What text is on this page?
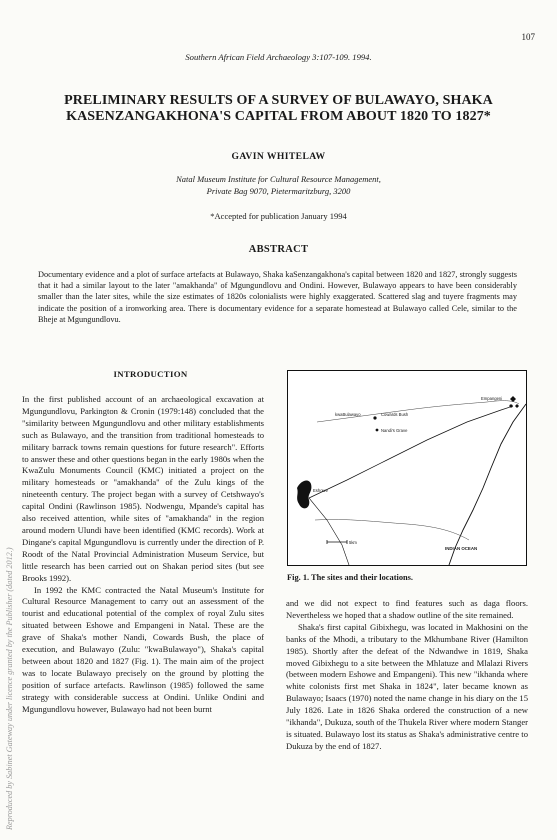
107
Southern African Field Archaeology 3:107-109. 1994.
PRELIMINARY RESULTS OF A SURVEY OF BULAWAYO, SHAKA
KASENZANGAKHONA'S CAPITAL FROM ABOUT 1820 TO 1827*
GAVIN WHITELAW
Natal Museum Institute for Cultural Resource Management,
Private Bag 9070, Pietermaritzburg, 3200
*Accepted for publication January 1994
ABSTRACT
Documentary evidence and a plot of surface artefacts at Bulawayo, Shaka kaSenzangakhona's capital between 1820 and 1827, strongly suggests that it had a similar layout to the later "amakhanda" of Mgungundlovu and Ondini. However, Bulawayo appears to have been considerably smaller than the later sites, while the size estimates of 1820s colonialists were highly exaggerated. Scattered slag and tuyere fragments may indicate the position of a ironworking area. There is documentary evidence for a separate homestead at Bulawayo called Cele, similar to the Bheje at Mgungundlovu.
INTRODUCTION

In the first published account of an archaeological excavation at Mgungundlovu, Parkington & Cronin (1979:148) concluded that the "similarity between Mgungundlovu and other military establishments such as Bulawayo, and the transition from traditional homesteads to military barrack towns remain questions for future research". Efforts to answer these and other questions began in the early 1980s when the KwaZulu Monuments Council (KMC) initiated a project on the military homesteads or "amakhanda" of the Zulu kings of the nineteenth century. The project began with a survey of Cetshwayo's capital Ondini (Rawlinson 1985). Nodwengu, Mpande's capital has also received attention, while sites of "amakhanda" in the region around modern Ulundi have been identified (KMC records). Work at Dingane's capital Mgungundlovu is currently under the direction of P. Roodt of the Natal Provincial Administration Museum Service, but little research has been carried out on Shakan period sites (but see Brooks 1992).

In 1992 the KMC contracted the Natal Museum's Institute for Cultural Resource Management to carry out an assessment of the tourist and educational potential of the complex of royal Zulu sites situated between Eshowe and Empangeni in Natal. These are the grave of Shaka's mother Nandi, Cowards Bush, the place of execution, and Bulawayo (Zulu: "kwaBulawayo"), Shaka's capital between about 1820 and 1827 (Fig. 1). The main aim of the project was to locate Bulawayo precisely on the ground by plotting the position of surface artefacts. Rawlinson (1985) followed the same strategy with considerable success at Ondini. Unlike Ondini and Mgungundlovu however, Bulawayo had not been burnt

kwaBulawayo	Cowards Bush
Nandi's Grave
Empangeni
Eshowe
INDIAN OCEAN
5km
Fig. 1. The sites and their locations.

and we did not expect to find features such as daga floors. Nevertheless we hoped that a shadow outline of the site remained.

Shaka's first capital Gibixhegu, was located in Makhosini on the banks of the Mhodi, a tributary to the Mkhumbane River (Hamilton 1985). Shortly after the defeat of the Ndwandwe in 1819, Shaka moved Gibixhegu to a site between the Mhlatuze and Mlalazi Rivers (between modern Eshowe and Empangeni). This new "ikhanda where white colonists first met Shaka in 1824", later became known as Bulawayo; Isaacs (1970) noted the name change in his diary on the 15 July 1826. Late in 1826 Shaka ordered the construction of a new "ikhanda", Dukuza, south of the Thukela River where modern Stanger is situated. Bulawayo lost its status as Shaka's administrative centre to Dukuza by the end of 1827.

Reproduced by Sabinet Gateway under licence granted by the Publisher (dated 2012.)
